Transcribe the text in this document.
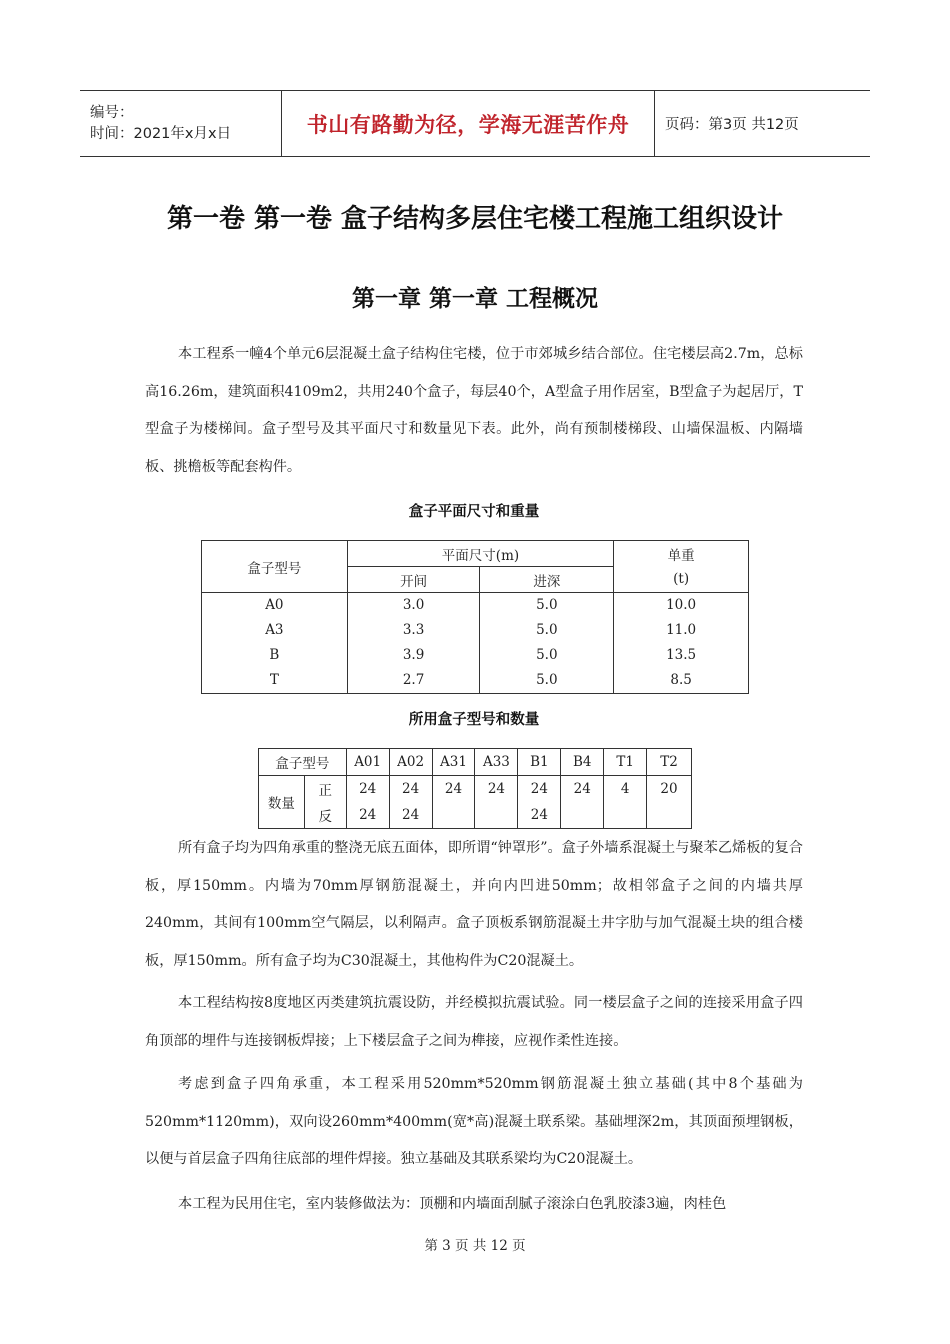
编号：
时间：2021年x月x日	书山有路勤为径，学海无涯苦作舟	页码：第3页 共12页
第一卷 第一卷 盒子结构多层住宅楼工程施工组织设计
第一章 第一章 工程概况

本工程系一幢4个单元6层混凝土盒子结构住宅楼，位于市郊城乡结合部位。住宅楼层高2.7m，总标高16.26m，建筑面积4109m2，共用240个盒子，每层40个，A型盒子用作居室，B型盒子为起居厅，T型盒子为楼梯间。盒子型号及其平面尺寸和数量见下表。此外，尚有预制楼梯段、山墙保温板、内隔墙板、挑檐板等配套构件。

盒子平面尺寸和重量
盒子型号	平面尺寸(m)		单重
	开间	进深	(t)
A0	3.0	5.0	10.0
A3	3.3	5.0	11.0
B	3.9	5.0	13.5
T	2.7	5.0	8.5
所用盒子型号和数量
盒子型号		A01	A02	A31	A33	B1	B4	T1	T2
数量	正	24	24	24	24	24	24	4	20
	反	24	24			24			

所有盒子均为四角承重的整浇无底五面体，即所谓“钟罩形”。盒子外墙系混凝土与聚苯乙烯板的复合板，厚150mm。内墙为70mm厚钢筋混凝土，并向内凹进50mm；故相邻盒子之间的内墙共厚240mm，其间有100mm空气隔层，以利隔声。盒子顶板系钢筋混凝土井字肋与加气混凝土块的组合楼板，厚150mm。所有盒子均为C30混凝土，其他构件为C20混凝土。

本工程结构按8度地区丙类建筑抗震设防，并经模拟抗震试验。同一楼层盒子之间的连接采用盒子四角顶部的埋件与连接钢板焊接；上下楼层盒子之间为榫接，应视作柔性连接。

考虑到盒子四角承重，本工程采用520mm*520mm钢筋混凝土独立基础(其中8个基础为520mm*1120mm)，双向设260mm*400mm(宽*高)混凝土联系梁。基础埋深2m，其顶面预埋钢板，以便与首层盒子四角往底部的埋件焊接。独立基础及其联系梁均为C20混凝土。

本工程为民用住宅，室内装修做法为：顶棚和内墙面刮腻子滚涂白色乳胶漆3遍，肉桂色

第 3 页 共 12 页
